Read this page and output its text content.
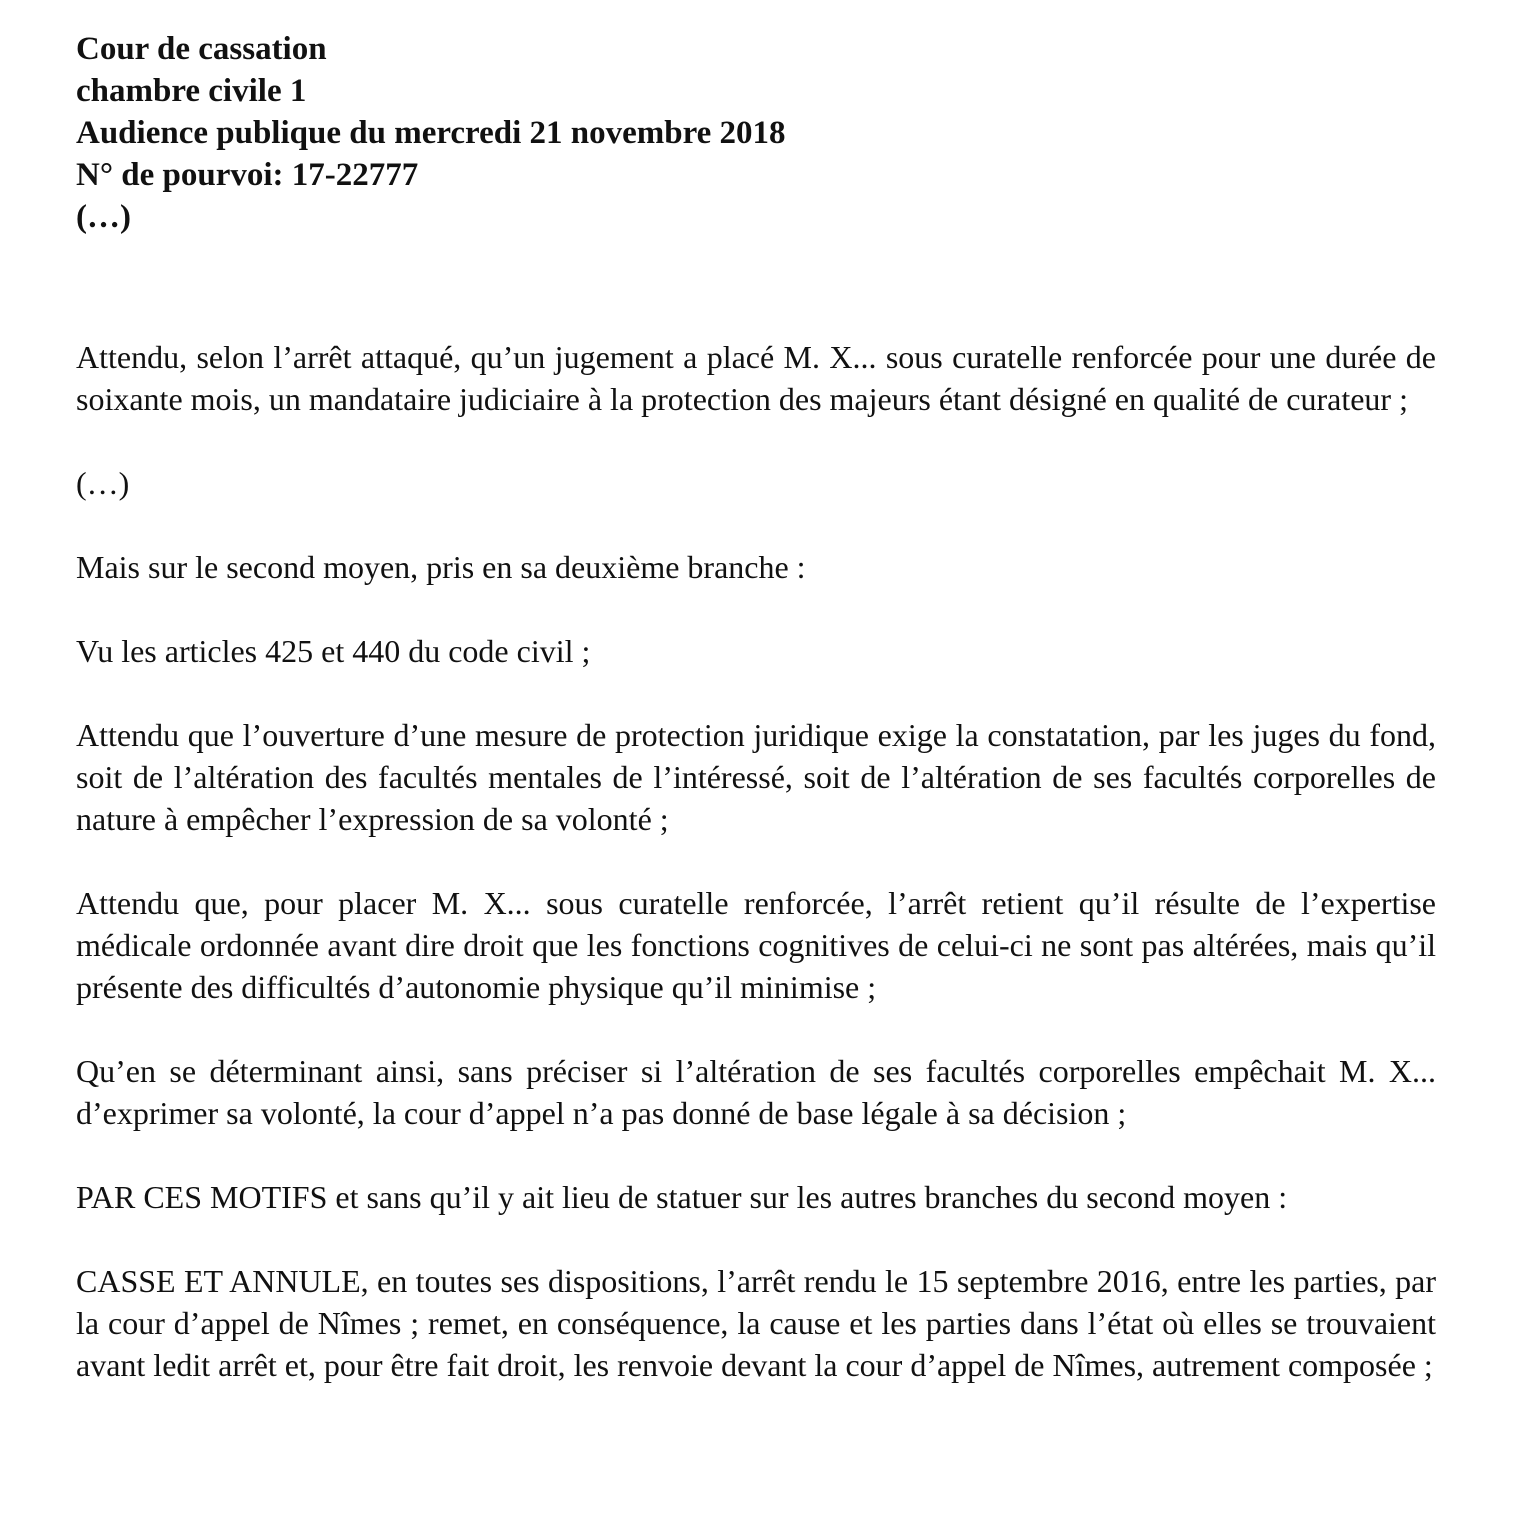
Cour de cassation

chambre civile 1

Audience publique du mercredi 21 novembre 2018

N° de pourvoi: 17-22777

(…)

Attendu, selon l’arrêt attaqué, qu’un jugement a placé M. X... sous curatelle renforcée pour une durée de soixante mois, un mandataire judiciaire à la protection des majeurs étant désigné en qualité de curateur ;

(…)

Mais sur le second moyen, pris en sa deuxième branche :

Vu les articles 425 et 440 du code civil ;

Attendu que l’ouverture d’une mesure de protection juridique exige la constatation, par les juges du fond, soit de l’altération des facultés mentales de l’intéressé, soit de l’altération de ses facultés corporelles de nature à empêcher l’expression de sa volonté ;

Attendu que, pour placer M. X... sous curatelle renforcée, l’arrêt retient qu’il résulte de l’expertise médicale ordonnée avant dire droit que les fonctions cognitives de celui-ci ne sont pas altérées, mais qu’il présente des difficultés d’autonomie physique qu’il minimise ;

Qu’en se déterminant ainsi, sans préciser si l’altération de ses facultés corporelles empêchait M. X... d’exprimer sa volonté, la cour d’appel n’a pas donné de base légale à sa décision ;

PAR CES MOTIFS et sans qu’il y ait lieu de statuer sur les autres branches du second moyen :

CASSE ET ANNULE, en toutes ses dispositions, l’arrêt rendu le 15 septembre 2016, entre les parties, par la cour d’appel de Nîmes ; remet, en conséquence, la cause et les parties dans l’état où elles se trouvaient avant ledit arrêt et, pour être fait droit, les renvoie devant la cour d’appel de Nîmes, autrement composée ;
